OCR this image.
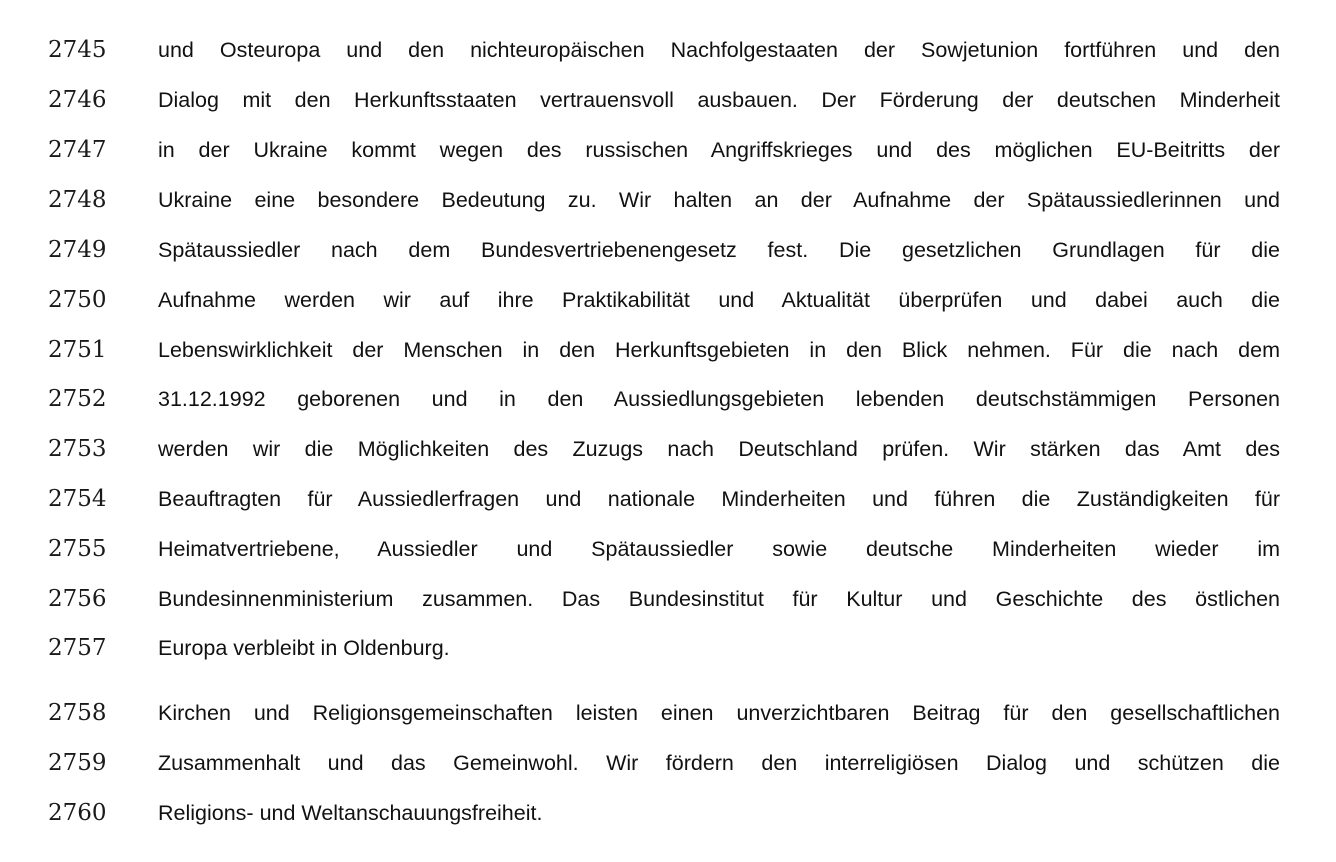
2745	und Osteuropa und den nichteuropäischen Nachfolgestaaten der Sowjetunion fortführen und den
2746	Dialog mit den Herkunftsstaaten vertrauensvoll ausbauen. Der Förderung der deutschen Minderheit
2747	in der Ukraine kommt wegen des russischen Angriffskrieges und des möglichen EU-Beitritts der
2748	Ukraine eine besondere Bedeutung zu. Wir halten an der Aufnahme der Spätaussiedlerinnen und
2749	Spätaussiedler nach dem Bundesvertriebenengesetz fest. Die gesetzlichen Grundlagen für die
2750	Aufnahme werden wir auf ihre Praktikabilität und Aktualität überprüfen und dabei auch die
2751	Lebenswirklichkeit der Menschen in den Herkunftsgebieten in den Blick nehmen. Für die nach dem
2752	31.12.1992 geborenen und in den Aussiedlungsgebieten lebenden deutschstämmigen Personen
2753	werden wir die Möglichkeiten des Zuzugs nach Deutschland prüfen. Wir stärken das Amt des
2754	Beauftragten für Aussiedlerfragen und nationale Minderheiten und führen die Zuständigkeiten für
2755	Heimatvertriebene, Aussiedler und Spätaussiedler sowie deutsche Minderheiten wieder im
2756	Bundesinnenministerium zusammen. Das Bundesinstitut für Kultur und Geschichte des östlichen
2757	Europa verbleibt in Oldenburg.
2758	Kirchen und Religionsgemeinschaften leisten einen unverzichtbaren Beitrag für den gesellschaftlichen
2759	Zusammenhalt und das Gemeinwohl. Wir fördern den interreligiösen Dialog und schützen die
2760	Religions- und Weltanschauungsfreiheit.
